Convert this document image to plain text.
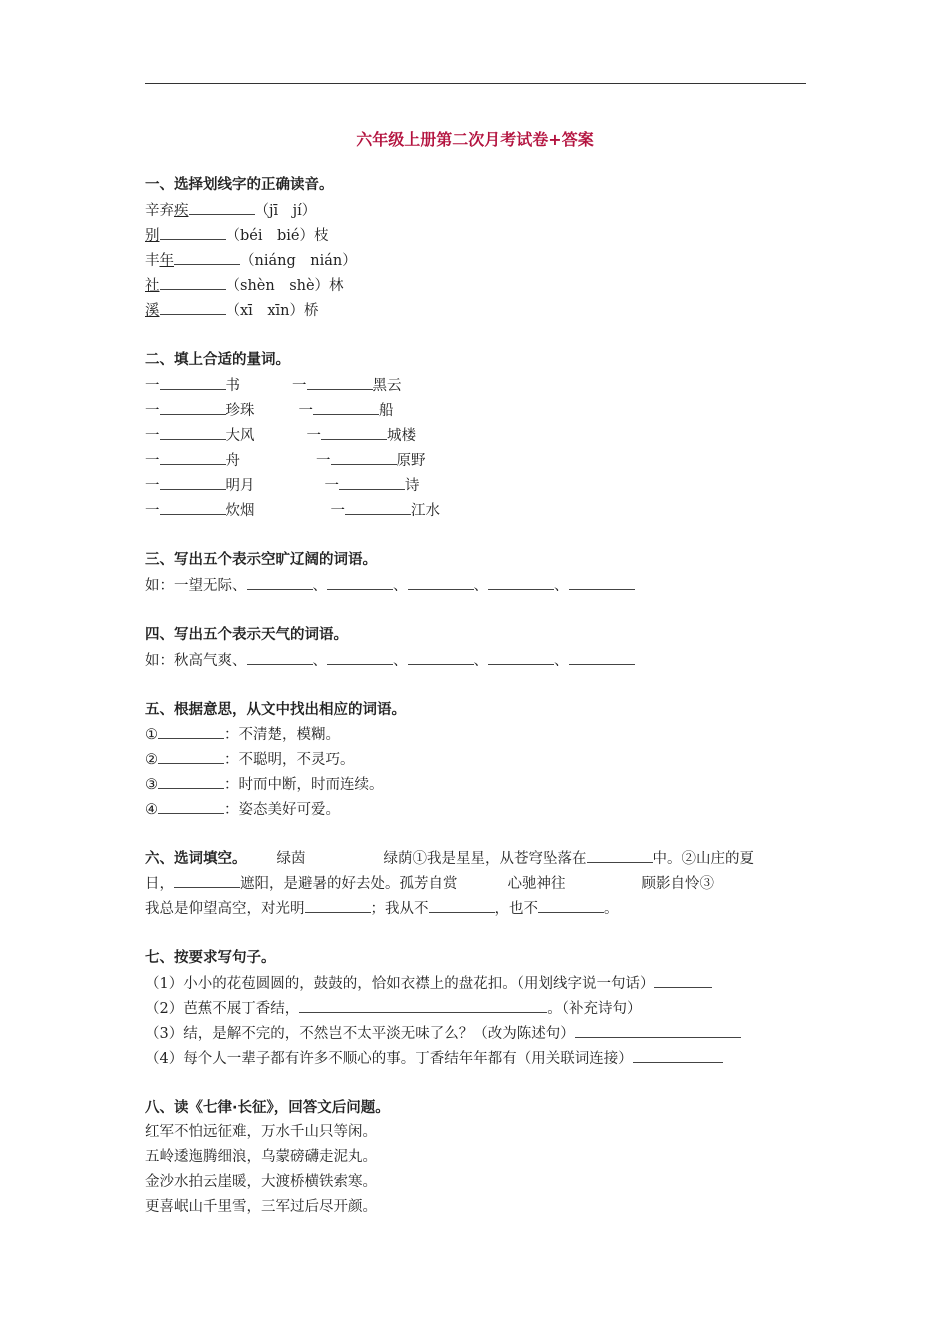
六年级上册第二次月考试卷+答案
一、选择划线字的正确读音。
辛弃疾	（jī　jí）
别	（béi　bié）枝
丰年	（niáng　nián）
社	（shèn　shè）林
溪	（xī　xīn）桥
二、填上合适的量词。
一	书	一	黑云
一	珍珠	一	船
一	大风	一	城楼
一	舟	一	原野
一	明月	一	诗
一	炊烟	一	江水
三、写出五个表示空旷辽阔的词语。
如：一望无际、	、	、	、	、
四、写出五个表示天气的词语。
如：秋高气爽、	、	、	、	、
五、根据意思，从文中找出相应的词语。
①	：不清楚，模糊。
②	：不聪明，不灵巧。
③	：时而中断，时而连续。
④	：姿态美好可爱。
六、选词填空。 绿茵	绿荫①我是星星，从苍穹坠落在	中。②山庄的夏
日，	遮阳，是避暑的好去处。孤芳自赏	心驰神往	顾影自怜③
我总是仰望高空，对光明	；我从不	，也不	。
七、按要求写句子。
（1）小小的花苞圆圆的，鼓鼓的，恰如衣襟上的盘花扣。（用划线字说一句话）
（2）芭蕉不展丁香结，	。（补充诗句）
（3）结，是解不完的，不然岂不太平淡无味了么？（改为陈述句）
（4）每个人一辈子都有许多不顺心的事。丁香结年年都有（用关联词连接）
八、读《七律·长征》，回答文后问题。
红军不怕远征难，万水千山只等闲。
五岭逶迤腾细浪，乌蒙磅礴走泥丸。
金沙水拍云崖暖，大渡桥横铁索寒。
更喜岷山千里雪，三军过后尽开颜。
